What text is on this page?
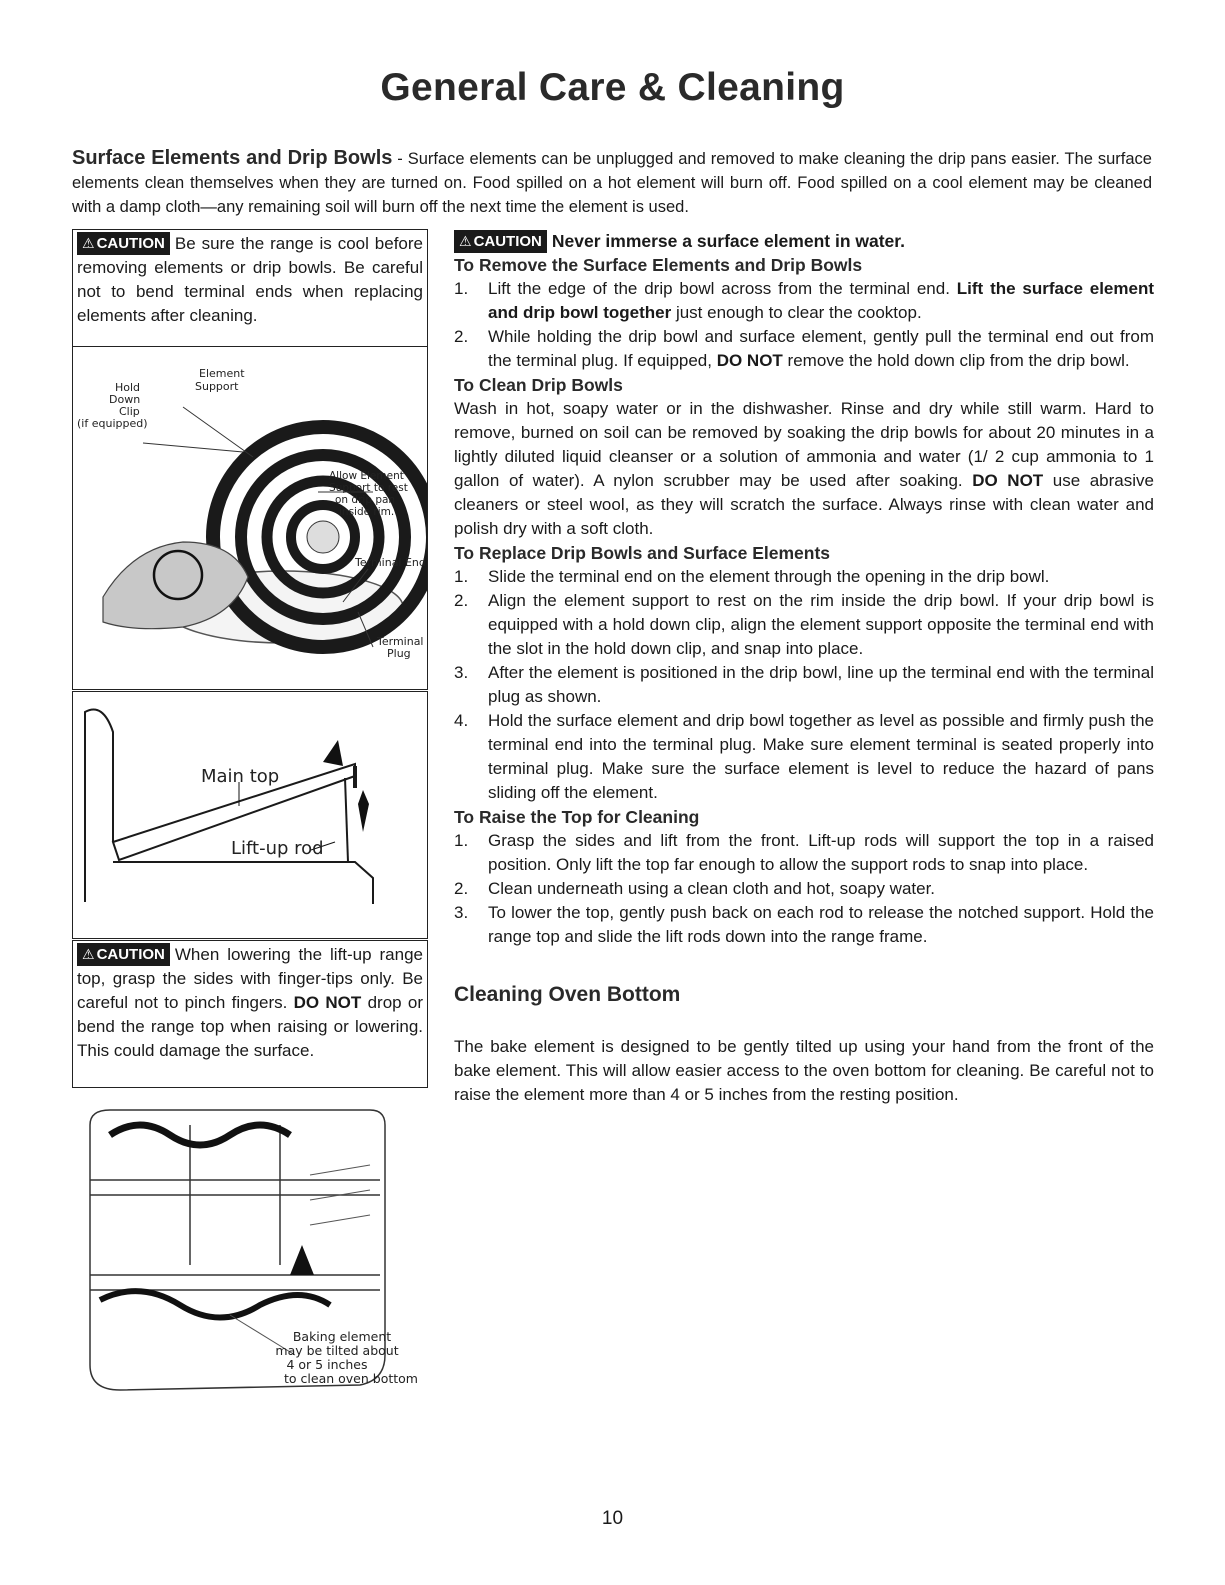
General Care & Cleaning
Surface Elements and Drip Bowls - Surface elements can be unplugged and removed to make cleaning the drip pans easier. The surface elements clean themselves when they are turned on. Food spilled on a hot element will burn off. Food spilled on a cool element may be cleaned with a damp cloth—any remaining soil will burn off the next time the element is used.
⚠ CAUTION Be sure the range is cool before removing elements or drip bowls. Be careful not to bend terminal ends when replacing elements after cleaning.
Element
Support
Hold
Down
Clip
(if equipped)
Allow Element
Support to rest
on drip pan
inside rim.
Terminal End
Terminal
Plug
Main top
Lift-up rod
⚠ CAUTION When lowering the lift-up range top, grasp the sides with finger-tips only. Be careful not to pinch fingers. DO NOT drop or bend the range top when raising or lowering. This could damage the surface.
Baking element
may be tilted about
4 or 5 inches
to clean oven bottom

⚠ CAUTION Never immerse a surface element in water.

To Remove the Surface Elements and Drip Bowls
1. Lift the edge of the drip bowl across from the terminal end. Lift the surface element and drip bowl together just enough to clear the cooktop.
2. While holding the drip bowl and surface element, gently pull the terminal end out from the terminal plug. If equipped, DO NOT remove the hold down clip from the drip bowl.
To Clean Drip Bowls

Wash in hot, soapy water or in the dishwasher. Rinse and dry while still warm. Hard to remove, burned on soil can be removed by soaking the drip bowls for about 20 minutes in a lightly diluted liquid cleanser or a solution of ammonia and water (1/ 2 cup ammonia to 1 gallon of water). A nylon scrubber may be used after soaking. DO NOT use abrasive cleaners or steel wool, as they will scratch the surface. Always rinse with clean water and polish dry with a soft cloth.

To Replace Drip Bowls and Surface Elements
1. Slide the terminal end on the element through the opening in the drip bowl.
2. Align the element support to rest on the rim inside the drip bowl. If your drip bowl is equipped with a hold down clip, align the element support opposite the terminal end with the slot in the hold down clip, and snap into place.
3. After the element is positioned in the drip bowl, line up the terminal end with the terminal plug as shown.
4. Hold the surface element and drip bowl together as level as possible and firmly push the terminal end into the terminal plug. Make sure element terminal is seated properly into terminal plug. Make sure the surface element is level to reduce the hazard of pans sliding off the element.
To Raise the Top for Cleaning
1. Grasp the sides and lift from the front. Lift-up rods will support the top in a raised position. Only lift the top far enough to allow the support rods to snap into place.
2. Clean underneath using a clean cloth and hot, soapy water.
3. To lower the top, gently push back on each rod to release the notched support. Hold the range top and slide the lift rods down into the range frame.
Cleaning Oven Bottom

The bake element is designed to be gently tilted up using your hand from the front of the bake element. This will allow easier access to the oven bottom for cleaning. Be careful not to raise the element more than 4 or 5 inches from the resting position.

10
